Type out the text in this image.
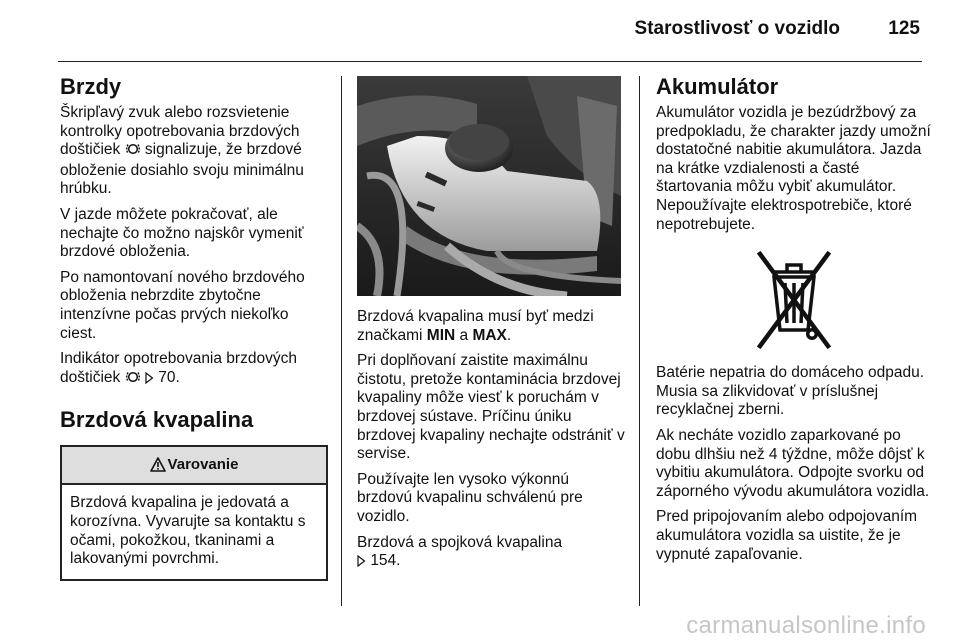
Starostlivosť o vozidlo	125
Brzdy

Škripľavý zvuk alebo rozsvietenie kontrolky opotrebovania brzdových doštičiek  signalizuje, že brzdové obloženie dosiahlo svoju minimálnu hrúbku.

V jazde môžete pokračovať, ale nechajte čo možno najskôr vymeniť brzdové obloženia.

Po namontovaní nového brzdového obloženia nebrzdite zbytočne intenzívne počas prvých niekoľko ciest.

Indikátor opotrebovania brzdových doštičiek   70.

Brzdová kvapalina
Varovanie
Brzdová kvapalina je jedovatá a korozívna. Vyvarujte sa kontaktu s očami, pokožkou, tkaninami a lakovanými povrchmi.

Brzdová kvapalina musí byť medzi značkami MIN a MAX.

Pri doplňovaní zaistite maximálnu čistotu, pretože kontaminácia brzdovej kvapaliny môže viesť k poruchám v brzdovej sústave. Príčinu úniku brzdovej kvapaliny nechajte odstrániť v servise.

Používajte len vysoko výkonnú brzdovú kvapalinu schválenú pre vozidlo.

Brzdová a spojková kvapalina
154.

Akumulátor

Akumulátor vozidla je bezúdržbový za predpokladu, že charakter jazdy umožní dostatočné nabitie akumulátora. Jazda na krátke vzdialenosti a časté štartovania môžu vybiť akumulátor. Nepoužívajte elektrospotrebiče, ktoré nepotrebujete.

Batérie nepatria do domáceho odpadu. Musia sa zlikvidovať v príslušnej recyklačnej zberni.

Ak necháte vozidlo zaparkované po dobu dlhšiu než 4 týždne, môže dôjsť k vybitiu akumulátora. Odpojte svorku od záporného vývodu akumulátora vozidla.

Pred pripojovaním alebo odpojovaním akumulátora vozidla sa uistite, že je vypnuté zapaľovanie.

carmanualsonline.info
